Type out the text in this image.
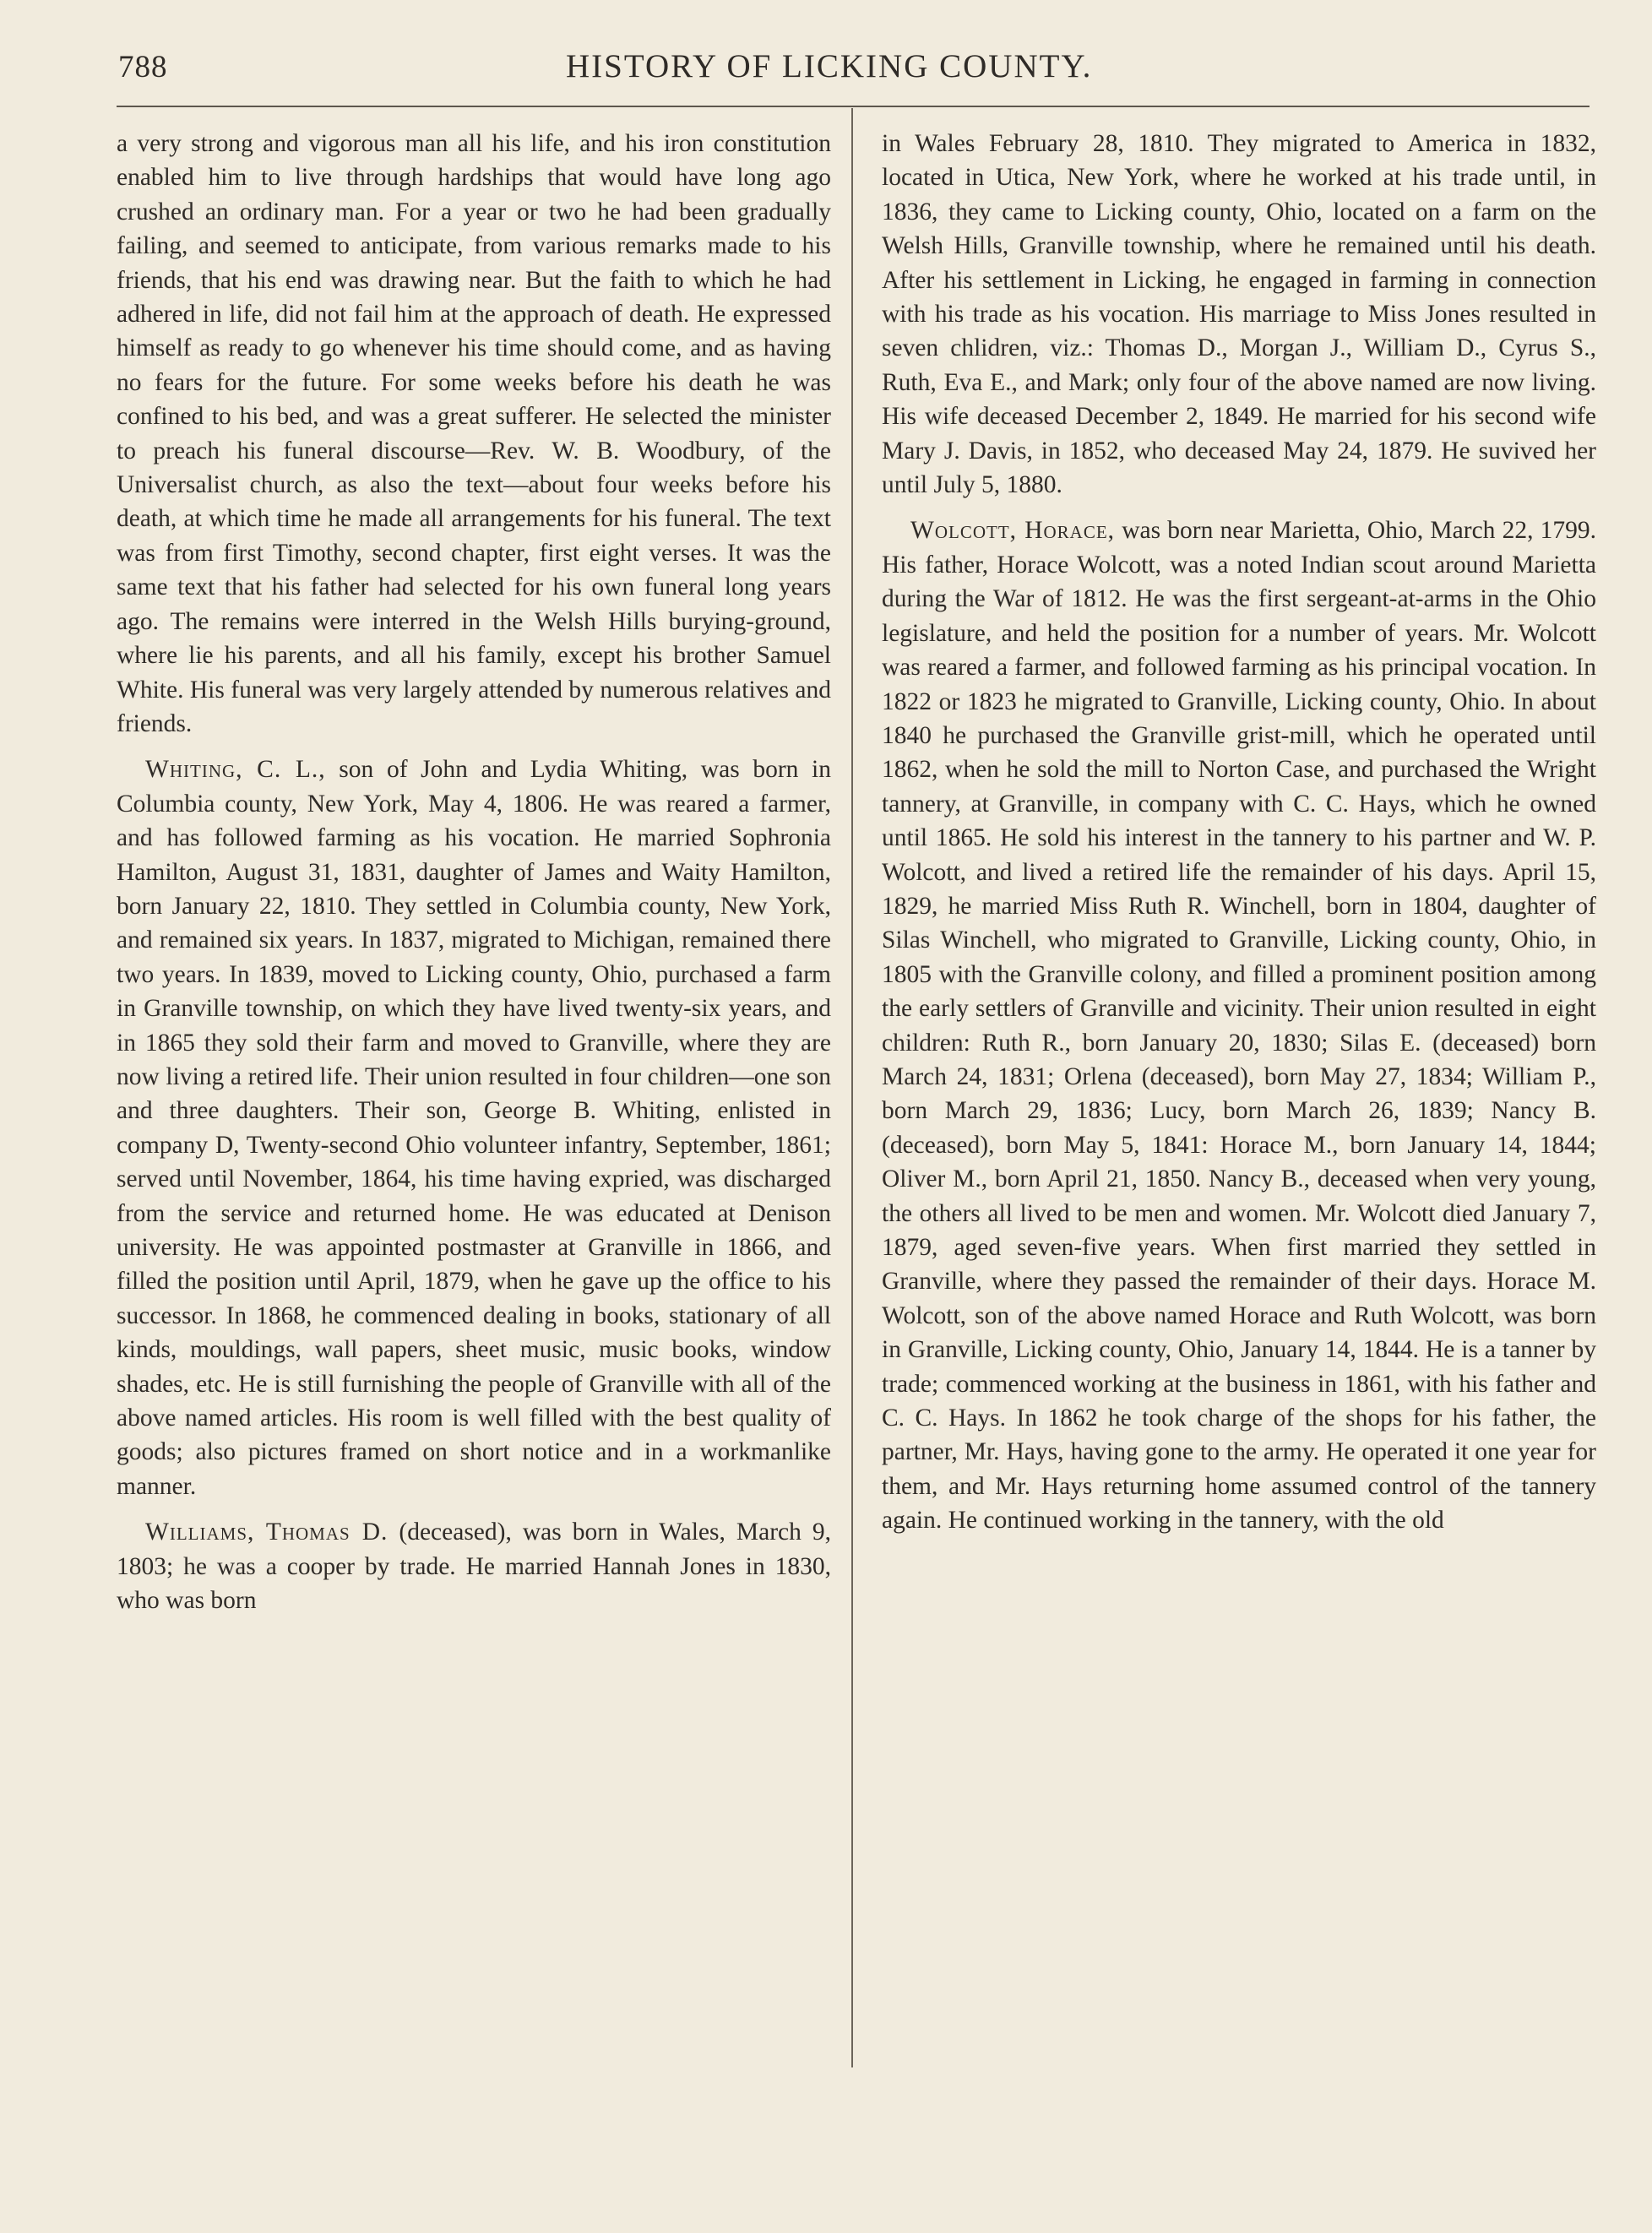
788	HISTORY OF LICKING COUNTY.

a very strong and vigorous man all his life, and his iron constitution enabled him to live through hardships that would have long ago crushed an ordinary man. For a year or two he had been gradually failing, and seemed to anticipate, from various remarks made to his friends, that his end was drawing near. But the faith to which he had adhered in life, did not fail him at the approach of death. He expressed himself as ready to go whenever his time should come, and as having no fears for the future. For some weeks before his death he was confined to his bed, and was a great sufferer. He selected the minister to preach his funeral discourse—Rev. W. B. Woodbury, of the Universalist church, as also the text—about four weeks before his death, at which time he made all arrangements for his funeral. The text was from first Timothy, second chapter, first eight verses. It was the same text that his father had selected for his own funeral long years ago. The remains were interred in the Welsh Hills burying-ground, where lie his parents, and all his family, except his brother Samuel White. His funeral was very largely attended by numerous relatives and friends.

Whiting, C. L., son of John and Lydia Whiting, was born in Columbia county, New York, May 4, 1806. He was reared a farmer, and has followed farming as his vocation. He married Sophronia Hamilton, August 31, 1831, daughter of James and Waity Hamilton, born January 22, 1810. They settled in Columbia county, New York, and remained six years. In 1837, migrated to Michigan, remained there two years. In 1839, moved to Licking county, Ohio, purchased a farm in Granville township, on which they have lived twenty-six years, and in 1865 they sold their farm and moved to Granville, where they are now living a retired life. Their union resulted in four children—one son and three daughters. Their son, George B. Whiting, enlisted in company D, Twenty-second Ohio volunteer infantry, September, 1861; served until November, 1864, his time having expried, was discharged from the service and returned home. He was educated at Denison university. He was appointed postmaster at Granville in 1866, and filled the position until April, 1879, when he gave up the office to his successor. In 1868, he commenced dealing in books, stationary of all kinds, mouldings, wall papers, sheet music, music books, window shades, etc. He is still furnishing the people of Granville with all of the above named articles. His room is well filled with the best quality of goods; also pictures framed on short notice and in a workmanlike manner.

Williams, Thomas D. (deceased), was born in Wales, March 9, 1803; he was a cooper by trade. He married Hannah Jones in 1830, who was born

in Wales February 28, 1810. They migrated to America in 1832, located in Utica, New York, where he worked at his trade until, in 1836, they came to Licking county, Ohio, located on a farm on the Welsh Hills, Granville township, where he remained until his death. After his settlement in Licking, he engaged in farming in connection with his trade as his vocation. His marriage to Miss Jones resulted in seven chlidren, viz.: Thomas D., Morgan J., William D., Cyrus S., Ruth, Eva E., and Mark; only four of the above named are now living. His wife deceased December 2, 1849. He married for his second wife Mary J. Davis, in 1852, who deceased May 24, 1879. He suvived her until July 5, 1880.

Wolcott, Horace, was born near Marietta, Ohio, March 22, 1799. His father, Horace Wolcott, was a noted Indian scout around Marietta during the War of 1812. He was the first sergeant-at-arms in the Ohio legislature, and held the position for a number of years. Mr. Wolcott was reared a farmer, and followed farming as his principal vocation. In 1822 or 1823 he migrated to Granville, Licking county, Ohio. In about 1840 he purchased the Granville grist-mill, which he operated until 1862, when he sold the mill to Norton Case, and purchased the Wright tannery, at Granville, in company with C. C. Hays, which he owned until 1865. He sold his interest in the tannery to his partner and W. P. Wolcott, and lived a retired life the remainder of his days. April 15, 1829, he married Miss Ruth R. Winchell, born in 1804, daughter of Silas Winchell, who migrated to Granville, Licking county, Ohio, in 1805 with the Granville colony, and filled a prominent position among the early settlers of Granville and vicinity. Their union resulted in eight children: Ruth R., born January 20, 1830; Silas E. (deceased) born March 24, 1831; Orlena (deceased), born May 27, 1834; William P., born March 29, 1836; Lucy, born March 26, 1839; Nancy B. (deceased), born May 5, 1841: Horace M., born January 14, 1844; Oliver M., born April 21, 1850. Nancy B., deceased when very young, the others all lived to be men and women. Mr. Wolcott died January 7, 1879, aged seven-five years. When first married they settled in Granville, where they passed the remainder of their days. Horace M. Wolcott, son of the above named Horace and Ruth Wolcott, was born in Granville, Licking county, Ohio, January 14, 1844. He is a tanner by trade; commenced working at the business in 1861, with his father and C. C. Hays. In 1862 he took charge of the shops for his father, the partner, Mr. Hays, having gone to the army. He operated it one year for them, and Mr. Hays returning home assumed control of the tannery again. He continued working in the tannery, with the old
